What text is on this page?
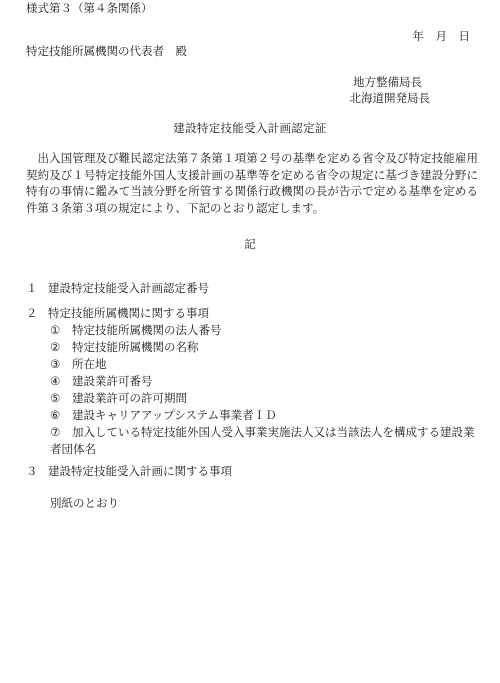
様式第３（第４条関係）
年　月　日
特定技能所属機関の代表者　殿
地方整備局長
北海道開発局長
建設特定技能受入計画認定証
出入国管理及び難民認定法第７条第１項第２号の基準を定める省令及び特定技能雇用契約及び１号特定技能外国人支援計画の基準等を定める省令の規定に基づき建設分野に特有の事情に鑑みて当該分野を所管する関係行政機関の長が告示で定める基準を定める件第３条第３項の規定により、下記のとおり認定します。
記
１ 建設特定技能受入計画認定番号
２ 特定技能所属機関に関する事項
① 特定技能所属機関の法人番号
② 特定技能所属機関の名称
③ 所在地
④ 建設業許可番号
⑤ 建設業許可の許可期間
⑥ 建設キャリアアップシステム事業者ＩＤ
⑦ 加入している特定技能外国人受入事業実施法人又は当該法人を構成する建設業者団体名
３ 建設特定技能受入計画に関する事項
別紙のとおり
